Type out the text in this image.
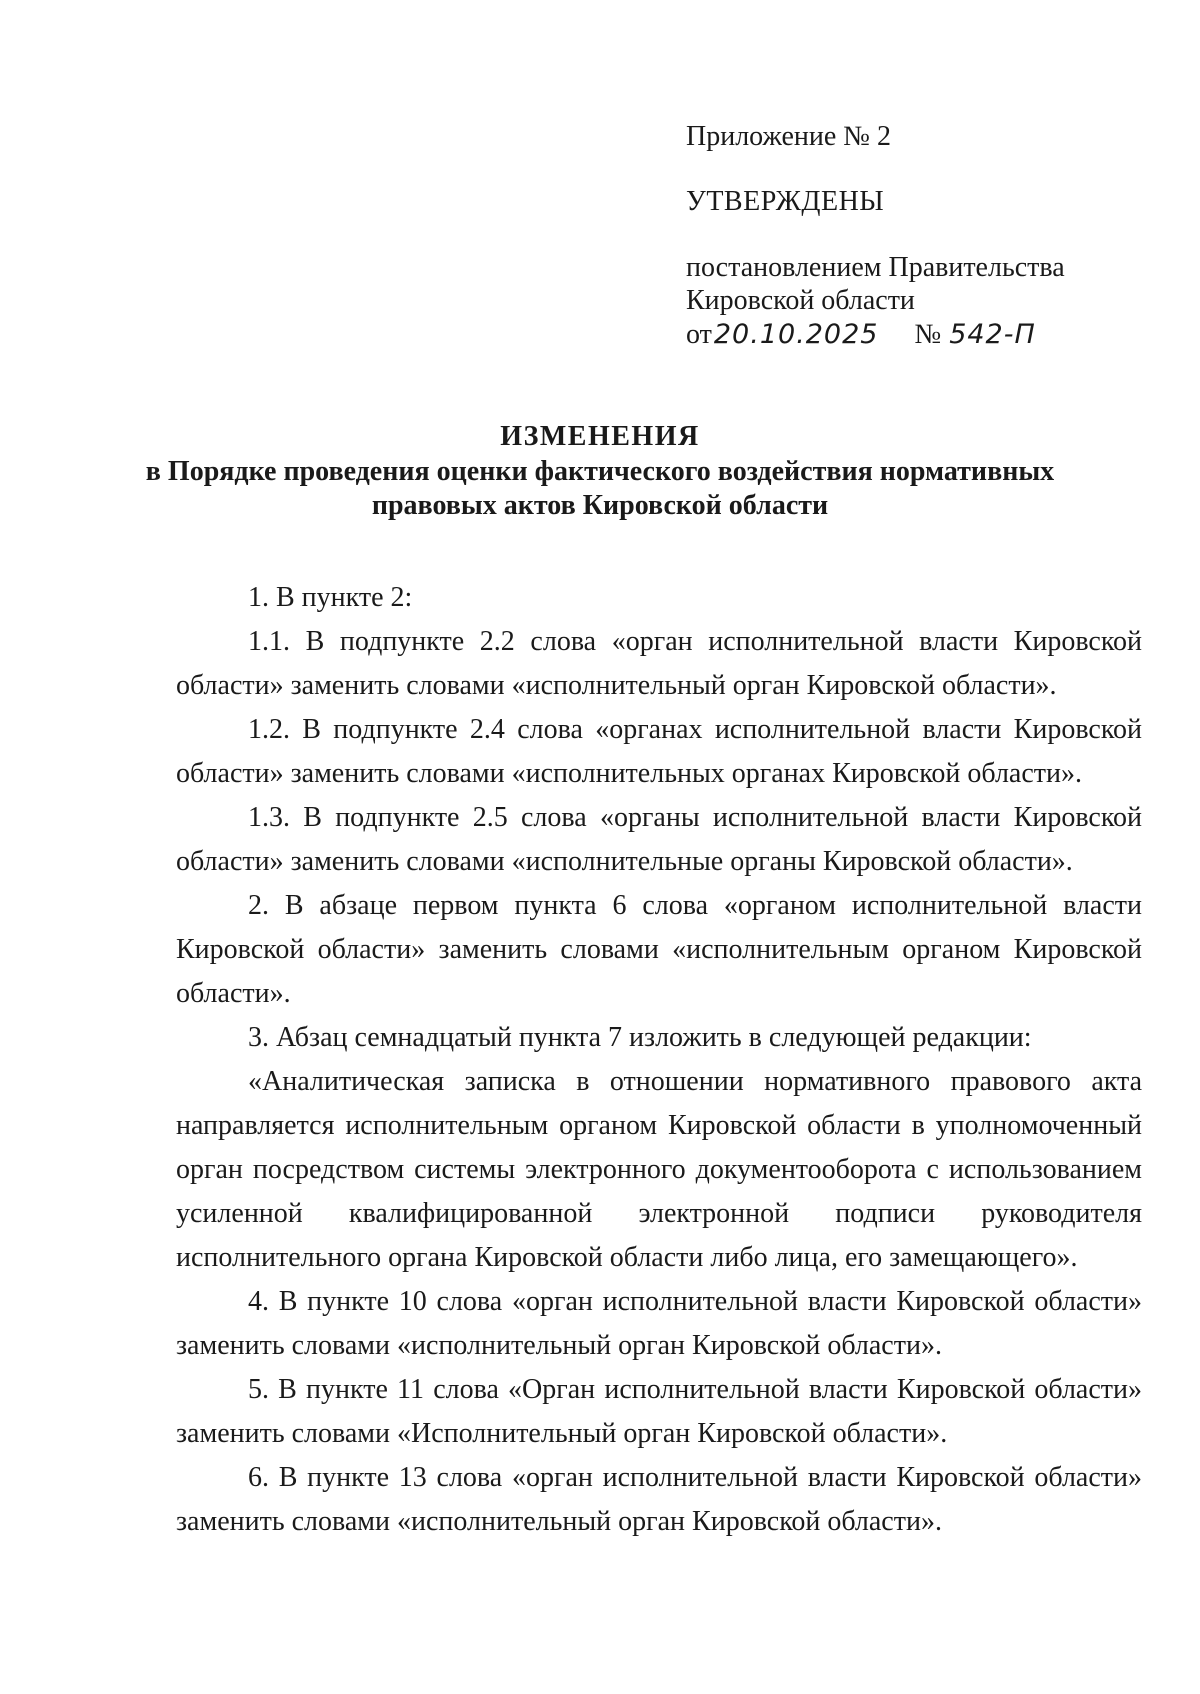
Приложение № 2
УТВЕРЖДЕНЫ
постановлением Правительства
Кировской области
от20.10.2025 № 542-П
ИЗМЕНЕНИЯ
в Порядке проведения оценки фактического воздействия нормативных
правовых актов Кировской области

1. В пункте 2:

1.1. В подпункте 2.2 слова «орган исполнительной власти Кировской области» заменить словами «исполнительный орган Кировской области».

1.2. В подпункте 2.4 слова «органах исполнительной власти Кировской области» заменить словами «исполнительных органах Кировской области».

1.3. В подпункте 2.5 слова «органы исполнительной власти Кировской области» заменить словами «исполнительные органы Кировской области».

2. В абзаце первом пункта 6 слова «органом исполнительной власти Кировской области» заменить словами «исполнительным органом Кировской области».

3. Абзац семнадцатый пункта 7 изложить в следующей редакции:

«Аналитическая записка в отношении нормативного правового акта направляется исполнительным органом Кировской области в уполномоченный орган посредством системы электронного документооборота с использованием усиленной квалифицированной электронной подписи руководителя исполнительного органа Кировской области либо лица, его замещающего».

4. В пункте 10 слова «орган исполнительной власти Кировской области» заменить словами «исполнительный орган Кировской области».

5. В пункте 11 слова «Орган исполнительной власти Кировской области» заменить словами «Исполнительный орган Кировской области».

6. В пункте 13 слова «орган исполнительной власти Кировской области» заменить словами «исполнительный орган Кировской области».
